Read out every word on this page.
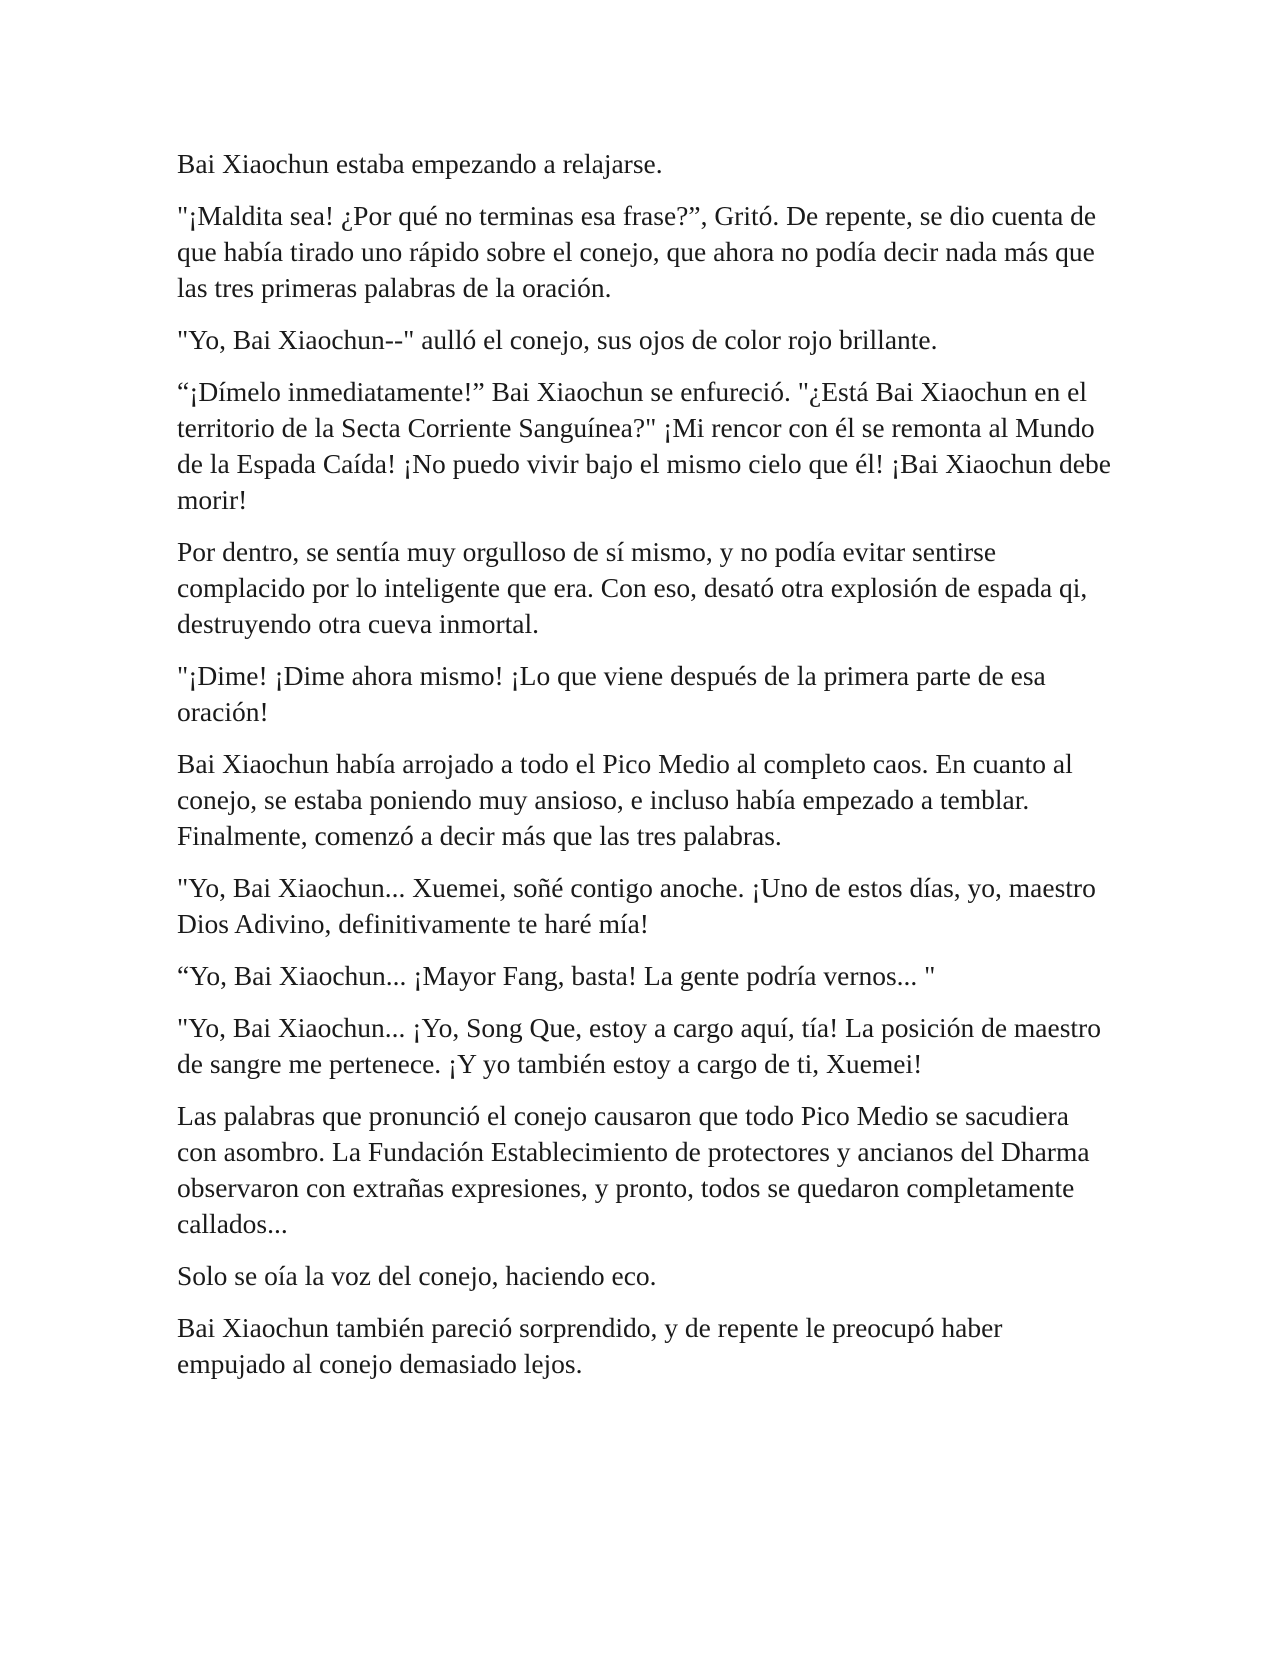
Bai Xiaochun estaba empezando a relajarse.

"¡Maldita sea! ¿Por qué no terminas esa frase?”, Gritó. De repente, se dio cuenta de que había tirado uno rápido sobre el conejo, que ahora no podía decir nada más que las tres primeras palabras de la oración.

"Yo, Bai Xiaochun--" aulló el conejo, sus ojos de color rojo brillante.

“¡Dímelo inmediatamente!” Bai Xiaochun se enfureció. "¿Está Bai Xiaochun en el territorio de la Secta Corriente Sanguínea?" ¡Mi rencor con él se remonta al Mundo de la Espada Caída! ¡No puedo vivir bajo el mismo cielo que él! ¡Bai Xiaochun debe morir!

Por dentro, se sentía muy orgulloso de sí mismo, y no podía evitar sentirse complacido por lo inteligente que era. Con eso, desató otra explosión de espada qi, destruyendo otra cueva inmortal.

"¡Dime! ¡Dime ahora mismo! ¡Lo que viene después de la primera parte de esa oración!

Bai Xiaochun había arrojado a todo el Pico Medio al completo caos. En cuanto al conejo, se estaba poniendo muy ansioso, e incluso había empezado a temblar. Finalmente, comenzó a decir más que las tres palabras.

"Yo, Bai Xiaochun... Xuemei, soñé contigo anoche. ¡Uno de estos días, yo, maestro Dios Adivino, definitivamente te haré mía!

“Yo, Bai Xiaochun... ¡Mayor Fang, basta! La gente podría vernos... "

"Yo, Bai Xiaochun... ¡Yo, Song Que, estoy a cargo aquí, tía! La posición de maestro de sangre me pertenece. ¡Y yo también estoy a cargo de ti, Xuemei!

Las palabras que pronunció el conejo causaron que todo Pico Medio se sacudiera con asombro. La Fundación Establecimiento de protectores y ancianos del Dharma observaron con extrañas expresiones, y pronto, todos se quedaron completamente callados...

Solo se oía la voz del conejo, haciendo eco.

Bai Xiaochun también pareció sorprendido, y de repente le preocupó haber empujado al conejo demasiado lejos.
